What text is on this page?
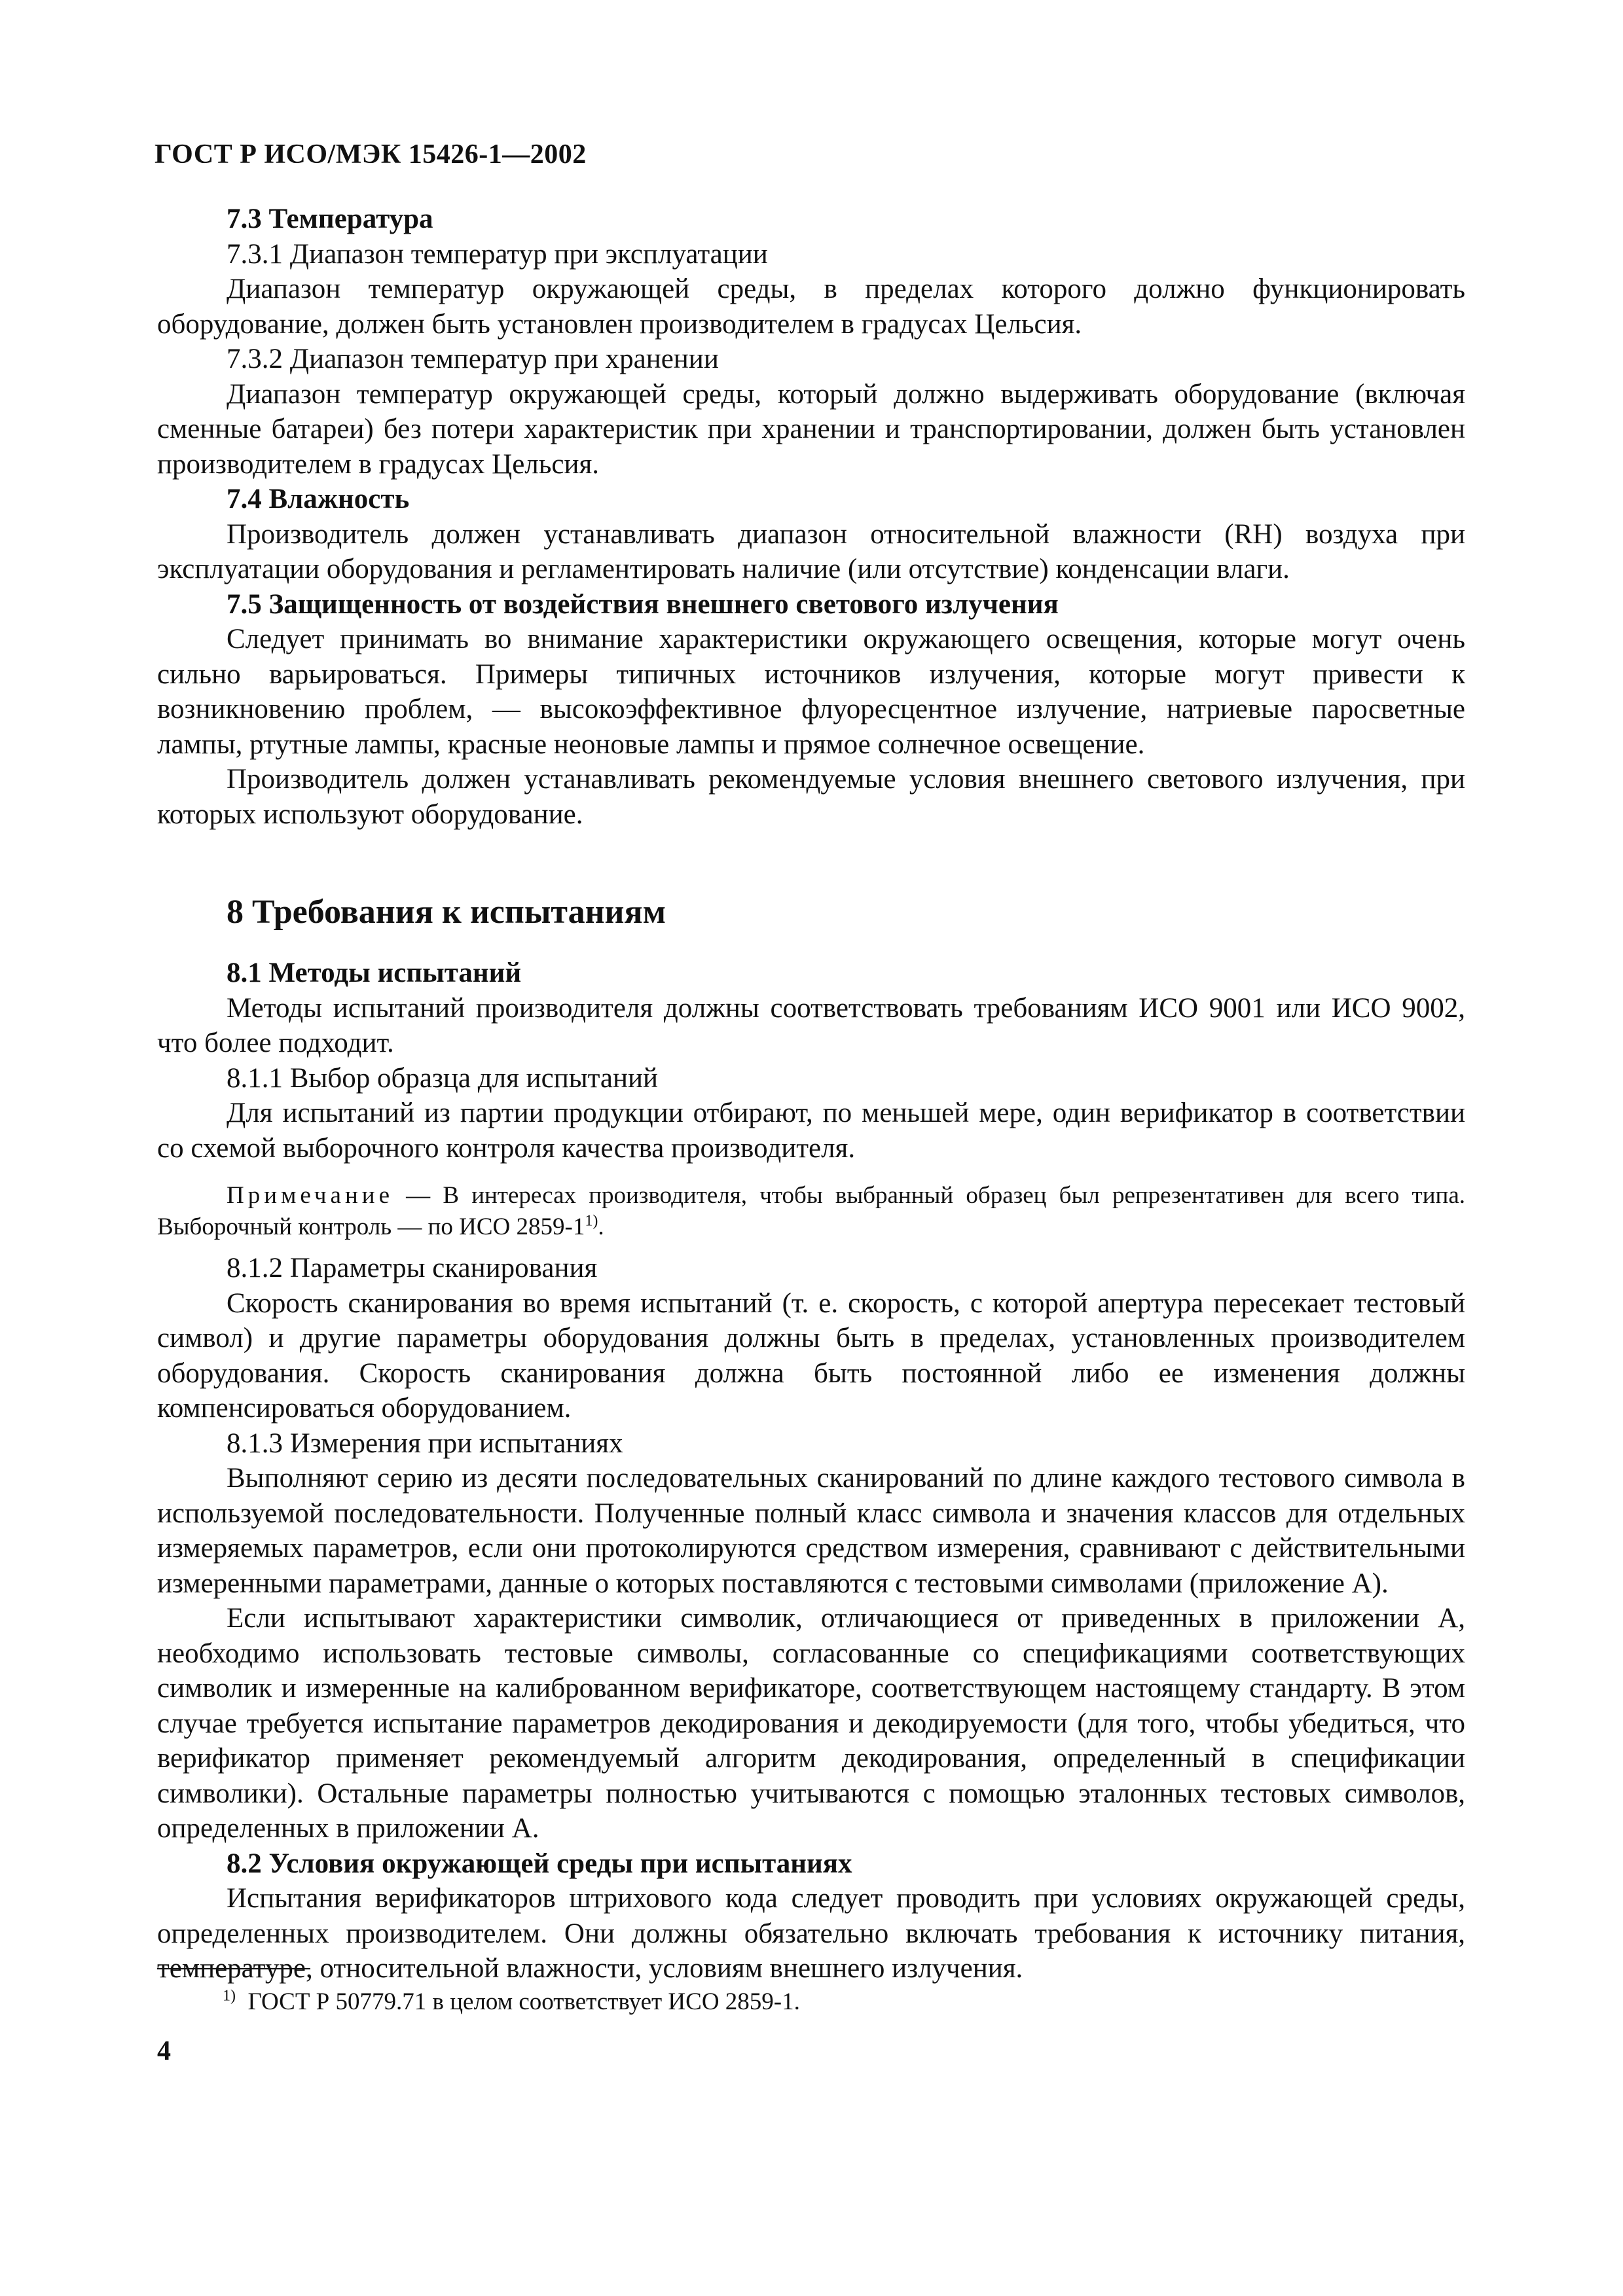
ГОСТ Р ИСО/МЭК 15426-1—2002

7.3 Температура

7.3.1 Диапазон температур при эксплуатации

Диапазон температур окружающей среды, в пределах которого должно функционировать оборудование, должен быть установлен производителем в градусах Цельсия.

7.3.2 Диапазон температур при хранении

Диапазон температур окружающей среды, который должно выдерживать оборудование (включая сменные батареи) без потери характеристик при хранении и транспортировании, должен быть установлен производителем в градусах Цельсия.

7.4 Влажность

Производитель должен устанавливать диапазон относительной влажности (RH) воздуха при эксплуатации оборудования и регламентировать наличие (или отсутствие) конденсации влаги.

7.5 Защищенность от воздействия внешнего светового излучения

Следует принимать во внимание характеристики окружающего освещения, которые могут очень сильно варьироваться. Примеры типичных источников излучения, которые могут привести к возникновению проблем, — высокоэффективное флуоресцентное излучение, натриевые паросветные лампы, ртутные лампы, красные неоновые лампы и прямое солнечное освещение.

Производитель должен устанавливать рекомендуемые условия внешнего светового излучения, при которых используют оборудование.

8 Требования к испытаниям

8.1 Методы испытаний

Методы испытаний производителя должны соответствовать требованиям ИСО 9001 или ИСО 9002, что более подходит.

8.1.1 Выбор образца для испытаний

Для испытаний из партии продукции отбирают, по меньшей мере, один верификатор в соответствии со схемой выборочного контроля качества производителя.

Примечание — В интересах производителя, чтобы выбранный образец был репрезентативен для всего типа. Выборочный контроль — по ИСО 2859-1$^{1)}$.

8.1.2 Параметры сканирования

Скорость сканирования во время испытаний (т. е. скорость, с которой апертура пересекает тестовый символ) и другие параметры оборудования должны быть в пределах, установленных производителем оборудования. Скорость сканирования должна быть постоянной либо ее изменения должны компенсироваться оборудованием.

8.1.3 Измерения при испытаниях

Выполняют серию из десяти последовательных сканирований по длине каждого тестового символа в используемой последовательности. Полученные полный класс символа и значения классов для отдельных измеряемых параметров, если они протоколируются средством измерения, сравнивают с действительными измеренными параметрами, данные о которых поставляются с тестовыми символами (приложение А).

Если испытывают характеристики символик, отличающиеся от приведенных в приложении А, необходимо использовать тестовые символы, согласованные со спецификациями соответствующих символик и измеренные на калиброванном верификаторе, соответствующем настоящему стандарту. В этом случае требуется испытание параметров декодирования и декодируемости (для того, чтобы убедиться, что верификатор применяет рекомендуемый алгоритм декодирования, определенный в спецификации символики). Остальные параметры полностью учитываются с помощью эталонных тестовых символов, определенных в приложении А.

8.2 Условия окружающей среды при испытаниях

Испытания верификаторов штрихового кода следует проводить при условиях окружающей среды, определенных производителем. Они должны обязательно включать требования к источнику питания, температуре, относительной влажности, условиям внешнего излучения.

$^{1)}$ ГОСТ Р 50779.71 в целом соответствует ИСО 2859-1.
4
